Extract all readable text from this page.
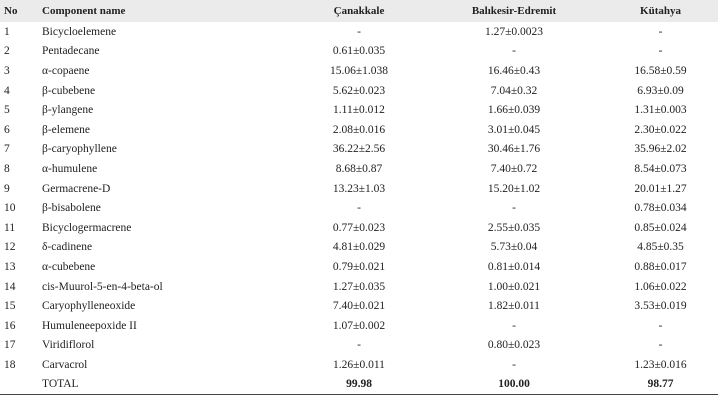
No	Component name	Çanakkale	Balıkesir-Edremit	Kütahya
1	Bicycloelemene	-	1.27±0.0023	-
2	Pentadecane	0.61±0.035	-	-
3	α-copaene	15.06±1.038	16.46±0.43	16.58±0.59
4	β-cubebene	5.62±0.023	7.04±0.32	6.93±0.09
5	β-ylangene	1.11±0.012	1.66±0.039	1.31±0.003
6	β-elemene	2.08±0.016	3.01±0.045	2.30±0.022
7	β-caryophyllene	36.22±2.56	30.46±1.76	35.96±2.02
8	α-humulene	8.68±0.87	7.40±0.72	8.54±0.073
9	Germacrene-D	13.23±1.03	15.20±1.02	20.01±1.27
10	β-bisabolene	-	-	0.78±0.034
11	Bicyclogermacrene	0.77±0.023	2.55±0.035	0.85±0.024
12	δ-cadinene	4.81±0.029	5.73±0.04	4.85±0.35
13	α-cubebene	0.79±0.021	0.81±0.014	0.88±0.017
14	cis-Muurol-5-en-4-beta-ol	1.27±0.035	1.00±0.021	1.06±0.022
15	Caryophylleneoxide	7.40±0.021	1.82±0.011	3.53±0.019
16	Humuleneepoxide II	1.07±0.002	-	-
17	Viridiflorol	-	0.80±0.023	-
18	Carvacrol	1.26±0.011	-	1.23±0.016
	TOTAL	99.98	100.00	98.77
